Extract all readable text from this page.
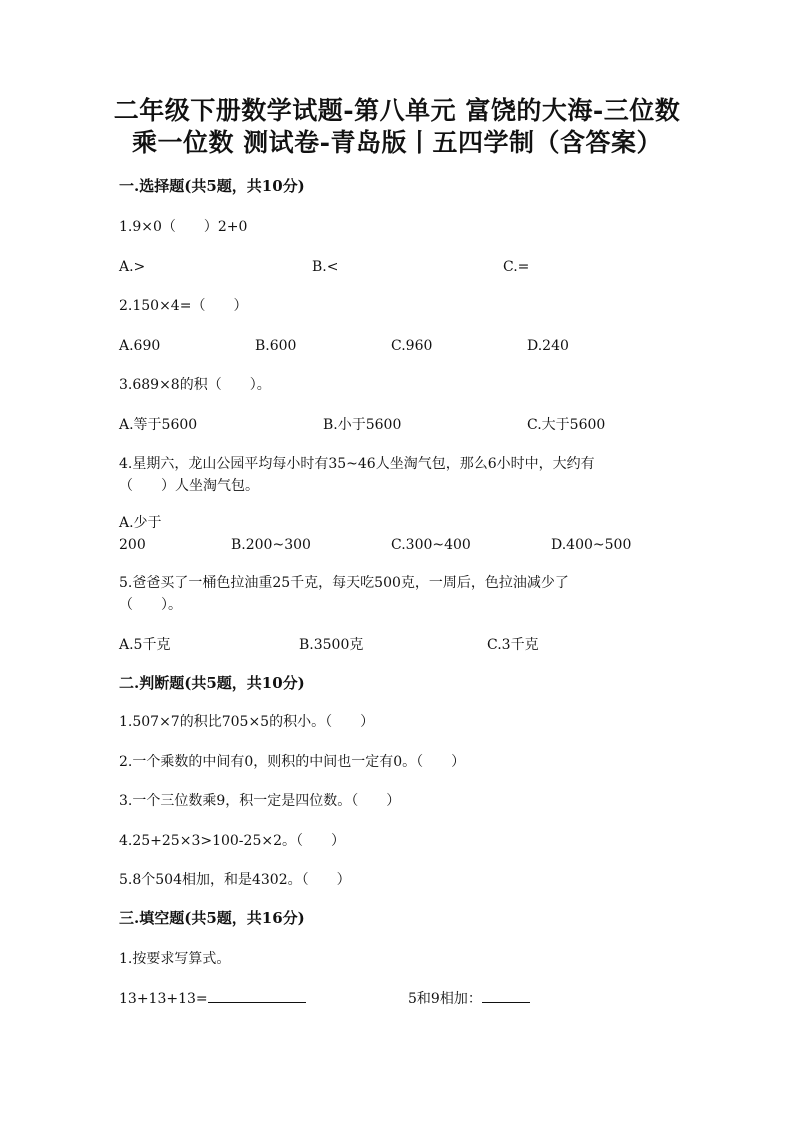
二年级下册数学试题-第八单元 富饶的大海-三位数
乘一位数 测试卷-青岛版丨五四学制（含答案）
一.选择题(共5题，共10分)
1.9×0（　　）2+0
A.>	B.<	C.=
2.150×4=（　　）
A.690	B.600	C.960	D.240
3.689×8的积（　　）。
A.等于5600	B.小于5600	C.大于5600
4.星期六，龙山公园平均每小时有35~46人坐淘气包，那么6小时中，大约有
（　　）人坐淘气包。
A.少于
200	B.200~300	C.300~400	D.400~500
5.爸爸买了一桶色拉油重25千克，每天吃500克，一周后，色拉油减少了
（　　）。
A.5千克	B.3500克	C.3千克
二.判断题(共5题，共10分)
1.507×7的积比705×5的积小。（　　）
2.一个乘数的中间有0，则积的中间也一定有0。（　　）
3.一个三位数乘9，积一定是四位数。（　　）
4.25+25×3>100-25×2。（　　）
5.8个504相加，和是4302。（　　）
三.填空题(共5题，共16分)
1.按要求写算式。
13+13+13=	5和9相加：
